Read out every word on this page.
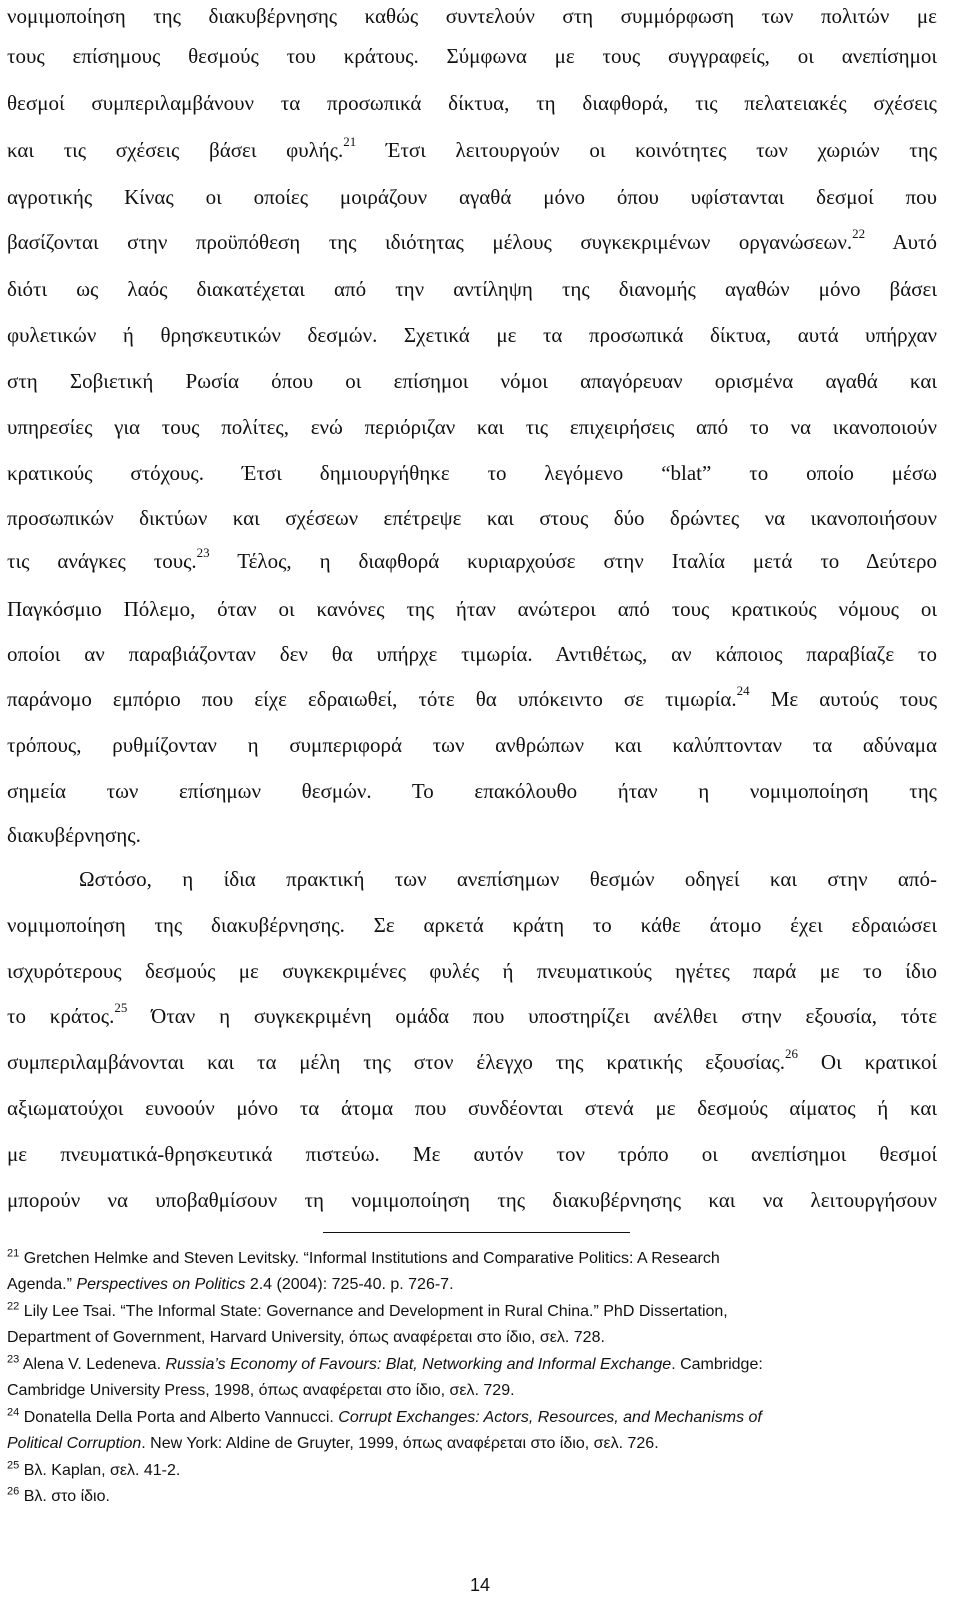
νομιμοποίηση της διακυβέρνησης καθώς συντελούν στη συμμόρφωση των πολιτών με
τους επίσημους θεσμούς του κράτους. Σύμφωνα με τους συγγραφείς, οι ανεπίσημοι
θεσμοί συμπεριλαμβάνουν τα προσωπικά δίκτυα, τη διαφθορά, τις πελατειακές σχέσεις
και τις σχέσεις βάσει φυλής.$^{21}$ Έτσι λειτουργούν οι κοινότητες των χωριών της
αγροτικής Κίνας οι οποίες μοιράζουν αγαθά μόνο όπου υφίστανται δεσμοί που
βασίζονται στην προϋπόθεση της ιδιότητας μέλους συγκεκριμένων οργανώσεων.$^{22}$ Αυτό
διότι ως λαός διακατέχεται από την αντίληψη της διανομής αγαθών μόνο βάσει
φυλετικών ή θρησκευτικών δεσμών. Σχετικά με τα προσωπικά δίκτυα, αυτά υπήρχαν
στη Σοβιετική Ρωσία όπου οι επίσημοι νόμοι απαγόρευαν ορισμένα αγαθά και
υπηρεσίες για τους πολίτες, ενώ περιόριζαν και τις επιχειρήσεις από το να ικανοποιούν
κρατικούς στόχους. Έτσι δημιουργήθηκε το λεγόμενο “blat” το οποίο μέσω
προσωπικών δικτύων και σχέσεων επέτρεψε και στους δύο δρώντες να ικανοποιήσουν
τις ανάγκες τους.$^{23}$ Τέλος, η διαφθορά κυριαρχούσε στην Ιταλία μετά το Δεύτερο
Παγκόσμιο Πόλεμο, όταν οι κανόνες της ήταν ανώτεροι από τους κρατικούς νόμους οι
οποίοι αν παραβιάζονταν δεν θα υπήρχε τιμωρία. Αντιθέτως, αν κάποιος παραβίαζε το
παράνομο εμπόριο που είχε εδραιωθεί, τότε θα υπόκειντο σε τιμωρία.$^{24}$ Με αυτούς τους
τρόπους, ρυθμίζονταν η συμπεριφορά των ανθρώπων και καλύπτονταν τα αδύναμα
σημεία των επίσημων θεσμών. Το επακόλουθο ήταν η νομιμοποίηση της
διακυβέρνησης.
Ωστόσο, η ίδια πρακτική των ανεπίσημων θεσμών οδηγεί και στην από-
νομιμοποίηση της διακυβέρνησης. Σε αρκετά κράτη το κάθε άτομο έχει εδραιώσει
ισχυρότερους δεσμούς με συγκεκριμένες φυλές ή πνευματικούς ηγέτες παρά με το ίδιο
το κράτος.$^{25}$ Όταν η συγκεκριμένη ομάδα που υποστηρίζει ανέλθει στην εξουσία, τότε
συμπεριλαμβάνονται και τα μέλη της στον έλεγχο της κρατικής εξουσίας.$^{26}$ Οι κρατικοί
αξιωματούχοι ευνοούν μόνο τα άτομα που συνδέονται στενά με δεσμούς αίματος ή και
με πνευματικά-θρησκευτικά πιστεύω. Με αυτόν τον τρόπο οι ανεπίσημοι θεσμοί
μπορούν να υποβαθμίσουν τη νομιμοποίηση της διακυβέρνησης και να λειτουργήσουν
$^{21}$ Gretchen Helmke and Steven Levitsky. “Informal Institutions and Comparative Politics: A Research
Agenda.” Perspectives on Politics 2.4 (2004): 725-40. p. 726-7.
$^{22}$ Lily Lee Tsai. “The Informal State: Governance and Development in Rural China.” PhD Dissertation,
Department of Government, Harvard University, όπως αναφέρεται στο ίδιο, σελ. 728.
$^{23}$ Alena V. Ledeneva. Russia’s Economy of Favours: Blat, Networking and Informal Exchange. Cambridge:
Cambridge University Press, 1998, όπως αναφέρεται στο ίδιο, σελ. 729.
$^{24}$ Donatella Della Porta and Alberto Vannucci. Corrupt Exchanges: Actors, Resources, and Mechanisms of
Political Corruption. New York: Aldine de Gruyter, 1999, όπως αναφέρεται στο ίδιο, σελ. 726.
$^{25}$ Βλ. Kaplan, σελ. 41-2.
$^{26}$ Βλ. στο ίδιο.
14
